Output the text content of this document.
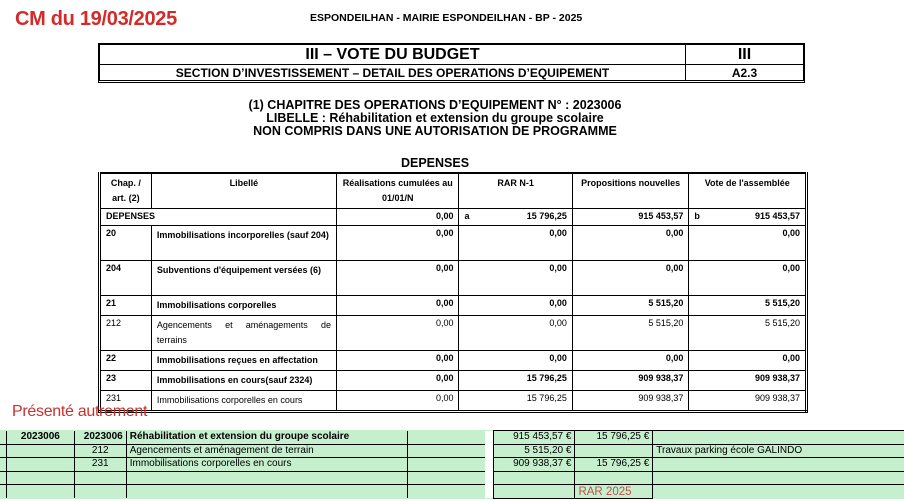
CM du 19/03/2025	ESPONDEILHAN - MAIRIE ESPONDEILHAN - BP - 2025
III – VOTE DU BUDGET	III
SECTION D’INVESTISSEMENT – DETAIL DES OPERATIONS D’EQUIPEMENT	A2.3
(1) CHAPITRE DES OPERATIONS D’EQUIPEMENT N° : 2023006
LIBELLE : Réhabilitation et extension du groupe scolaire
NON COMPRIS DANS UNE AUTORISATION DE PROGRAMME
DEPENSES
Chap. / art. (2)	Libellé	Réalisations cumulées au 01/01/N	RAR N-1	Propositions nouvelles	Vote de l'assemblée
DEPENSES		0,00	a 15 796,25	915 453,57	b 915 453,57
20	Immobilisations incorporelles (sauf 204)	0,00	0,00	0,00	0,00
204	Subventions d'équipement versées (6)	0,00	0,00	0,00	0,00
21	Immobilisations corporelles	0,00	0,00	5 515,20	5 515,20
212	Agencements et aménagements de terrains	0,00	0,00	5 515,20	5 515,20
22	Immobilisations reçues en affectation	0,00	0,00	0,00	0,00
23	Immobilisations en cours(sauf 2324)	0,00	15 796,25	909 938,37	909 938,37
231	Immobilisations corporelles en cours	0,00	15 796,25	909 938,37	909 938,37
Présenté autrement
	2023006	2023006	Réhabilitation et extension du groupe scolaire			915 453,57 €	15 796,25 €	
		212	Agencements et aménagement de terrain			5 515,20 €		Travaux parking école GALINDO
		231	Immobilisations corporelles en cours			909 938,37 €	15 796,25 €	

							RAR 2025	
